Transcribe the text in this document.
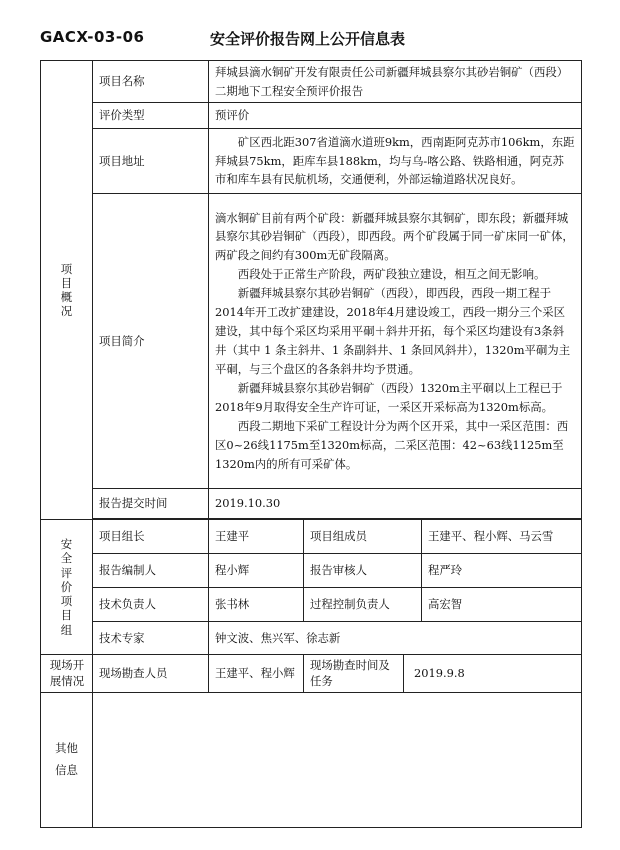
GACX-03-06	安全评价报告网上公开信息表
项目概况	项目名称	拜城县滴水铜矿开发有限责任公司新疆拜城县察尔其砂岩铜矿（西段）二期地下工程安全预评价报告			
	评价类型	预评价			
	项目地址	矿区西北距307省道滴水道班9km，西南距阿克苏市106km，东距拜城县75km，距库车县188km，均与乌-喀公路、铁路相通，阿克苏市和库车县有民航机场，交通便利，外部运输道路状况良好。			

	项目简介	滴水铜矿目前有两个矿段：新疆拜城县察尔其铜矿，即东段；新疆拜城县察尔其砂岩铜矿（西段），即西段。两个矿段属于同一矿床同一矿体，两矿段之间约有300m无矿段隔离。

西段处于正常生产阶段，两矿段独立建设，相互之间无影响。

新疆拜城县察尔其砂岩铜矿（西段），即西段，西段一期工程于2014年开工改扩建建设，2018年4月建设竣工，西段一期分三个采区建设，其中每个采区均采用平硐＋斜井开拓，每个采区均建设有3条斜井（其中 1 条主斜井、1 条副斜井、1 条回风斜井），1320m平硐为主平硐，与三个盘区的各条斜井均予贯通。

新疆拜城县察尔其砂岩铜矿（西段）1320m主平硐以上工程已于2018年9月取得安全生产许可证，一采区开采标高为1320m标高。

西段二期地下采矿工程设计分为两个区开采，其中一采区范围：西区0~26线1175m至1320m标高，二采区范围：42~63线1125m至1320m内的所有可采矿体。			

	报告提交时间	2019.10.30			

安全评价项目组	项目组长	王建平	项目组成员		王建平、程小辉、马云雪
	报告编制人	程小辉	报告审核人		程严玲
	技术负责人	张书林	过程控制负责人		高宏智
	技术专家	钟文波、焦兴军、徐志新			

现场开展情况	现场勘查人员	王建平、程小辉	现场勘查时间及任务	2019.9.8	

其他信息					
